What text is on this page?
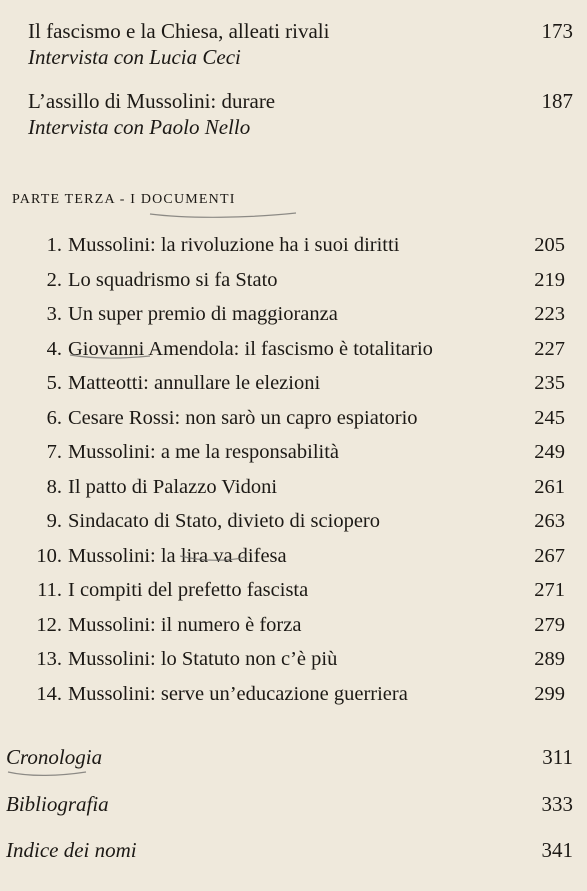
Il fascismo e la Chiesa, alleati rivali	173
Intervista con Lucia Ceci
L’assillo di Mussolini: durare	187
Intervista con Paolo Nello
PARTE TERZA - I DOCUMENTI
1. Mussolini: la rivoluzione ha i suoi diritti	205
2. Lo squadrismo si fa Stato	219
3. Un super premio di maggioranza	223
4. Giovanni Amendola: il fascismo è totalitario	227
5. Matteotti: annullare le elezioni	235
6. Cesare Rossi: non sarò un capro espiatorio	245
7. Mussolini: a me la responsabilità	249
8. Il patto di Palazzo Vidoni	261
9. Sindacato di Stato, divieto di sciopero	263
10. Mussolini: la lira va difesa	267
11. I compiti del prefetto fascista	271
12. Mussolini: il numero è forza	279
13. Mussolini: lo Statuto non c’è più	289
14. Mussolini: serve un’educazione guerriera	299
Cronologia	311
Bibliografia	333
Indice dei nomi	341
